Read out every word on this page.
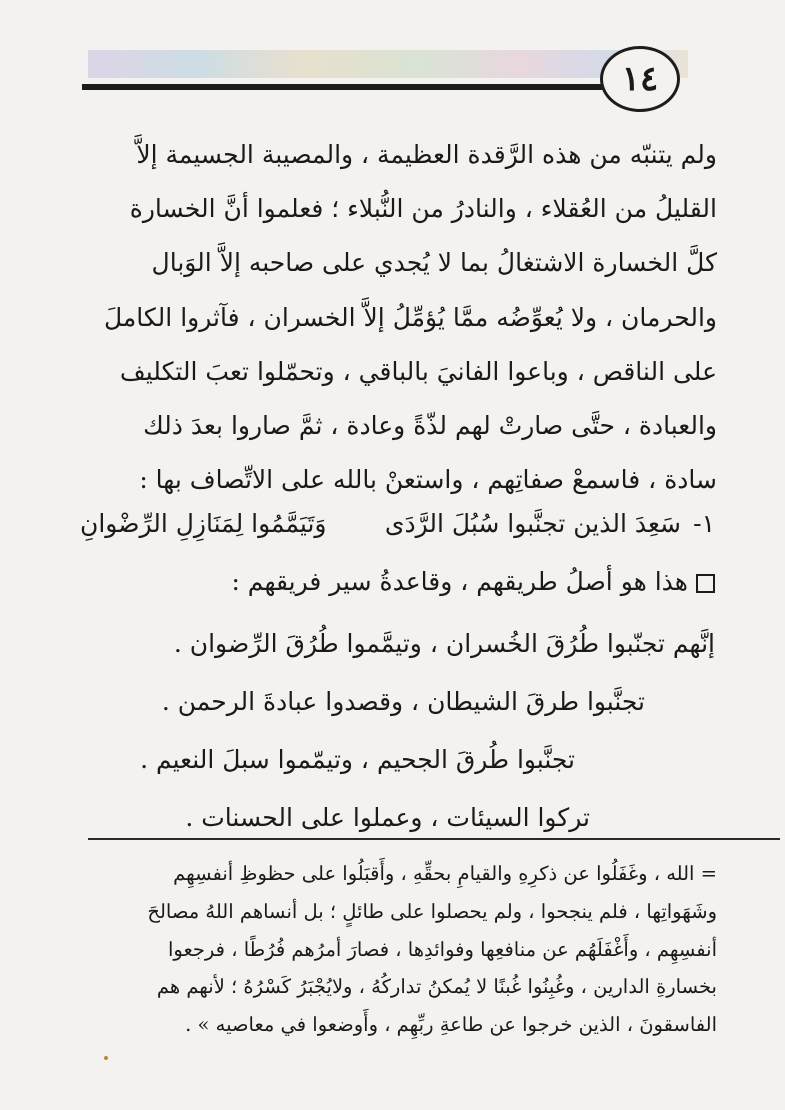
١٤

ولم يتنبّه من هذه الرَّقدة العظيمة ، والمصيبة الجسيمة إلاَّ

القليلُ من العُقلاء ، والنادرُ من النُّبلاء ؛ فعلموا أنَّ الخسارة

كلَّ الخسارة الاشتغالُ بما لا يُجدي على صاحبه إلاَّ الوَبال

والحرمان ، ولا يُعوِّضُه ممَّا يُؤمِّلُ إلاَّ الخسران ، فآثروا الكاملَ

على الناقص ، وباعوا الفانيَ بالباقي ، وتحمّلوا تعبَ التكليف

والعبادة ، حتَّى صارتْ لهم لذّةً وعادة ، ثمَّ صاروا بعدَ ذلك

سادة ، فاسمعْ صفاتِهم ، واستعنْ بالله على الاتِّصاف بها :

١-
سَعِدَ الذين تجنَّبوا سُبُلَ الرَّدَى
وَتَيَمَّمُوا لِمَنَازِلِ الرِّضْوانِ
هذا هو أصلُ طريقهم ، وقاعدةُ سير فريقهم :

إنَّهم تجنّبوا طُرُقَ الخُسران ، وتيمَّموا طُرُقَ الرِّضوان .

تجنَّبوا طرقَ الشيطان ، وقصدوا عبادةَ الرحمن .

تجنَّبوا طُرقَ الجحيم ، وتيمّموا سبلَ النعيم .

تركوا السيئات ، وعملوا على الحسنات .

= الله ، وغَفَلُوا عن ذكرِهِ والقيامِ بحقِّهِ ، وأَقبَلُوا على حظوظِ أنفسِهِم

وشَهَواتِها ، فلم ينجحوا ، ولم يحصلوا على طائلٍ ؛ بل أنساهم اللهُ مصالحَ

أنفسِهِم ، وأَغْفَلَهُم عن منافعِها وفوائدِها ، فصارَ أمرُهم فُرُطًا ، فرجعوا

بخسارةِ الدارين ، وغُبِنُوا غُبنًا لا يُمكنُ تداركُهُ ، ولايُجْبَرُ كَسْرُهُ ؛ لأنهم هم

الفاسقونَ ، الذين خرجوا عن طاعةِ ربِّهِم ، وأَوضعوا في معاصيه » .
